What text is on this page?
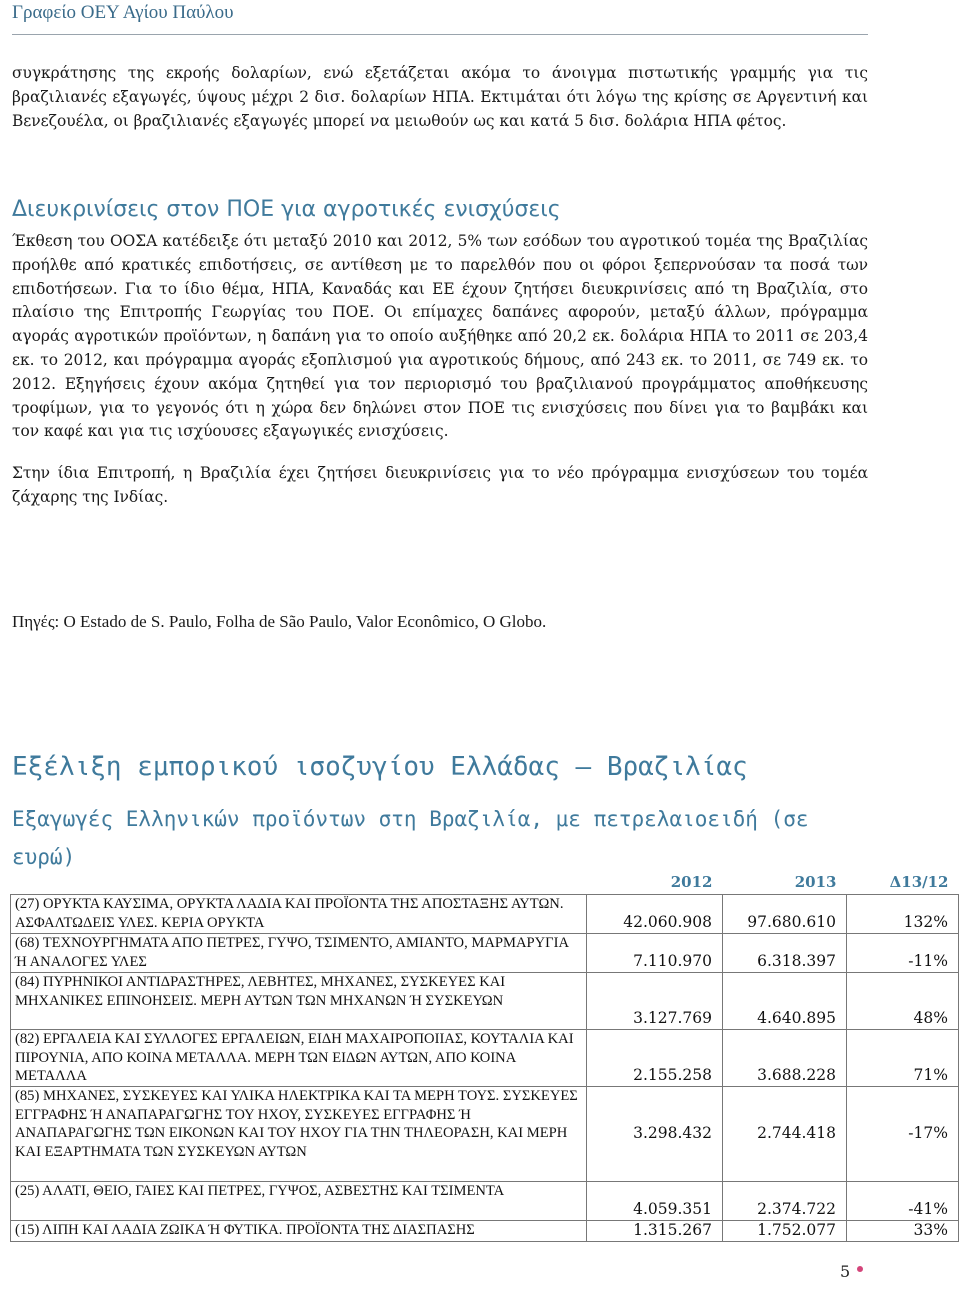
Γραφείο ΟΕΥ Αγίου Παύλου

συγκράτησης της εκροής δολαρίων, ενώ εξετάζεται ακόμα το άνοιγμα πιστωτικής γραμμής για τις βραζιλιανές εξαγωγές, ύψους μέχρι 2 δισ. δολαρίων ΗΠΑ. Εκτιμάται ότι λόγω της κρίσης σε Αργεντινή και Βενεζουέλα, οι βραζιλιανές εξαγωγές μπορεί να μειωθούν ως και κατά 5 δισ. δολάρια ΗΠΑ φέτος.

Διευκρινίσεις στον ΠΟΕ για αγροτικές ενισχύσεις

Έκθεση του ΟΟΣΑ κατέδειξε ότι μεταξύ 2010 και 2012, 5% των εσόδων του αγροτικού τομέα της Βραζιλίας προήλθε από κρατικές επιδοτήσεις, σε αντίθεση με το παρελθόν που οι φόροι ξεπερνούσαν τα ποσά των επιδοτήσεων. Για το ίδιο θέμα, ΗΠΑ, Καναδάς και ΕΕ έχουν ζητήσει διευκρινίσεις από τη Βραζιλία, στο πλαίσιο της Επιτροπής Γεωργίας του ΠΟΕ. Οι επίμαχες δαπάνες αφορούν, μεταξύ άλλων, πρόγραμμα αγοράς αγροτικών προϊόντων, η δαπάνη για το οποίο αυξήθηκε από 20,2 εκ. δολάρια ΗΠΑ το 2011 σε 203,4 εκ. το 2012, και πρόγραμμα αγοράς εξοπλισμού για αγροτικούς δήμους, από 243 εκ. το 2011, σε 749 εκ. το 2012. Εξηγήσεις έχουν ακόμα ζητηθεί για τον περιορισμό του βραζιλιανού προγράμματος αποθήκευσης τροφίμων, για το γεγονός ότι η χώρα δεν δηλώνει στον ΠΟΕ τις ενισχύσεις που δίνει για το βαμβάκι και τον καφέ και για τις ισχύουσες εξαγωγικές ενισχύσεις.

Στην ίδια Επιτροπή, η Βραζιλία έχει ζητήσει διευκρινίσεις για το νέο πρόγραμμα ενισχύσεων του τομέα ζάχαρης της Ινδίας.

Πηγές: O Estado de S. Paulo, Folha de São Paulo, Valor Econômico, O Globo.
Εξέλιξη εμπορικού ισοζυγίου Ελλάδας – Βραζιλίας
Εξαγωγές Ελληνικών προϊόντων στη Βραζιλία, με πετρελαιοειδή (σε ευρώ)
	2012	2013	Δ13/12
(27) ΟΡΥΚΤΑ ΚΑΥΣΙΜΑ, ΟΡΥΚΤΑ ΛΑΔΙΑ ΚΑΙ ΠΡΟΪΟΝΤΑ ΤΗΣ ΑΠΟΣΤΑΞΗΣ ΑΥΤΩΝ. ΑΣΦΑΛΤΩΔΕΙΣ ΥΛΕΣ. ΚΕΡΙΑ ΟΡΥΚΤΑ	42.060.908	97.680.610	132%
(68) ΤΕΧΝΟΥΡΓΗΜΑΤΑ ΑΠΟ ΠΕΤΡΕΣ, ΓΥΨΟ, ΤΣΙΜΕΝΤΟ, ΑΜΙΑΝΤΟ, ΜΑΡΜΑΡΥΓΙΑ Ή ΑΝΑΛΟΓΕΣ ΥΛΕΣ	7.110.970	6.318.397	-11%
(84) ΠΥΡΗΝΙΚΟΙ ΑΝΤΙΔΡΑΣΤΗΡΕΣ, ΛΕΒΗΤΕΣ, ΜΗΧΑΝΕΣ, ΣΥΣΚΕΥΕΣ ΚΑΙ ΜΗΧΑΝΙΚΕΣ ΕΠΙΝΟΗΣΕΙΣ. ΜΕΡΗ ΑΥΤΩΝ ΤΩΝ ΜΗΧΑΝΩΝ Ή ΣΥΣΚΕΥΩΝ	3.127.769	4.640.895	48%
(82) ΕΡΓΑΛΕΙΑ ΚΑΙ ΣΥΛΛΟΓΕΣ ΕΡΓΑΛΕΙΩΝ, ΕΙΔΗ ΜΑΧΑΙΡΟΠΟΙΙΑΣ, ΚΟΥΤΑΛΙΑ ΚΑΙ ΠΙΡΟΥΝΙΑ, ΑΠΟ ΚΟΙΝΑ ΜΕΤΑΛΛΑ. ΜΕΡΗ ΤΩΝ ΕΙΔΩΝ ΑΥΤΩΝ, ΑΠΟ ΚΟΙΝΑ ΜΕΤΑΛΛΑ	2.155.258	3.688.228	71%
(85) ΜΗΧΑΝΕΣ, ΣΥΣΚΕΥΕΣ ΚΑΙ ΥΛΙΚΑ ΗΛΕΚΤΡΙΚΑ ΚΑΙ ΤΑ ΜΕΡΗ ΤΟΥΣ. ΣΥΣΚΕΥΕΣ ΕΓΓΡΑΦΗΣ Ή ΑΝΑΠΑΡΑΓΩΓΗΣ ΤΟΥ ΗΧΟΥ, ΣΥΣΚΕΥΕΣ ΕΓΓΡΑΦΗΣ Ή ΑΝΑΠΑΡΑΓΩΓΗΣ ΤΩΝ ΕΙΚΟΝΩΝ ΚΑΙ ΤΟΥ ΗΧΟΥ ΓΙΑ ΤΗΝ ΤΗΛΕΟΡΑΣΗ, ΚΑΙ ΜΕΡΗ ΚΑΙ ΕΞΑΡΤΗΜΑΤΑ ΤΩΝ ΣΥΣΚΕΥΩΝ ΑΥΤΩΝ	3.298.432	2.744.418	-17%
(25) ΑΛΑΤΙ, ΘΕΙΟ, ΓΑΙΕΣ ΚΑΙ ΠΕΤΡΕΣ, ΓΥΨΟΣ, ΑΣΒΕΣΤΗΣ ΚΑΙ ΤΣΙΜΕΝΤΑ	4.059.351	2.374.722	-41%
(15) ΛΙΠΗ ΚΑΙ ΛΑΔΙΑ ΖΩΙΚΑ Ή ΦΥΤΙΚΑ. ΠΡΟΪΟΝΤΑ ΤΗΣ ΔΙΑΣΠΑΣΗΣ	1.315.267	1.752.077	33%
5
